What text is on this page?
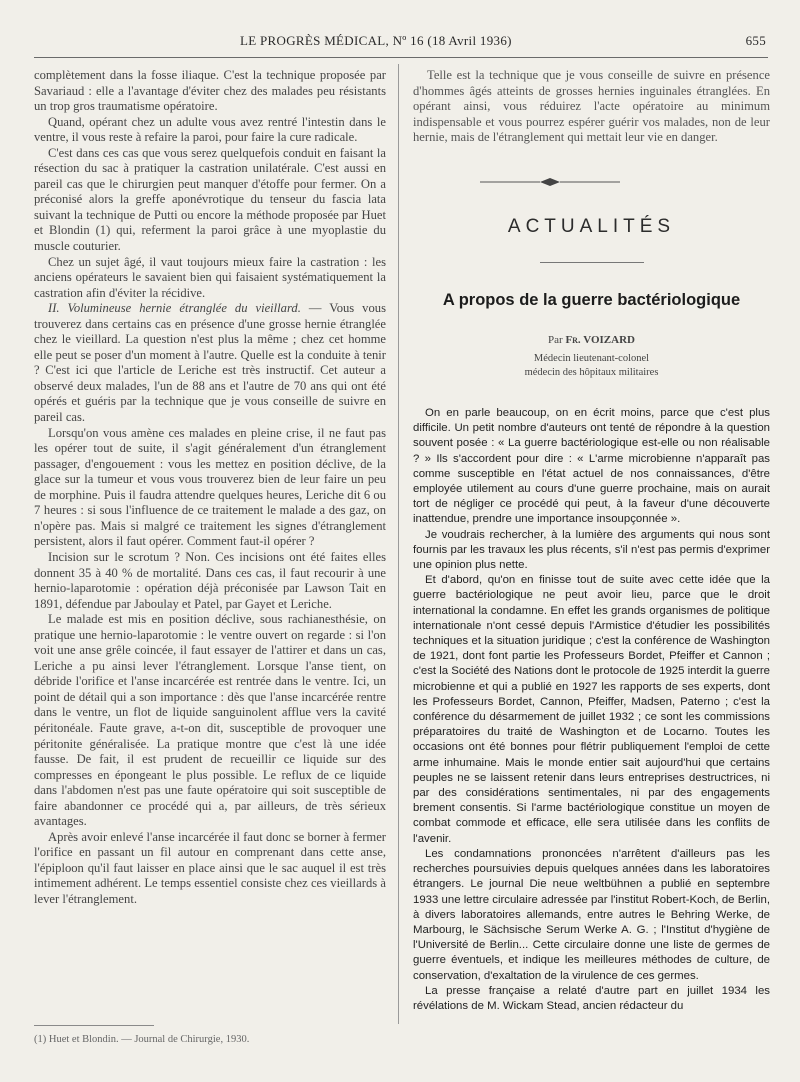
LE PROGRÈS MÉDICAL, Nº 16 (18 Avril 1936)	655

complètement dans la fosse iliaque. C'est la technique proposée par Savariaud : elle a l'avantage d'éviter chez des malades peu résistants un trop gros traumatisme opératoire.

Quand, opérant chez un adulte vous avez rentré l'intestin dans le ventre, il vous reste à refaire la paroi, pour faire la cure radicale.

C'est dans ces cas que vous serez quelquefois conduit en faisant la résection du sac à pratiquer la castration unilatérale. C'est aussi en pareil cas que le chirurgien peut manquer d'étoffe pour fermer. On a préconisé alors la greffe aponévrotique du tenseur du fascia lata suivant la technique de Putti ou encore la méthode proposée par Huet et Blondin (1) qui, referment la paroi grâce à une myoplastie du muscle couturier.

Chez un sujet âgé, il vaut toujours mieux faire la castration : les anciens opérateurs le savaient bien qui faisaient systématiquement la castration afin d'éviter la récidive.

II. Volumineuse hernie étranglée du vieillard. — Vous vous trouverez dans certains cas en présence d'une grosse hernie étranglée chez le vieillard. La question n'est plus la même ; chez cet homme elle peut se poser d'un moment à l'autre. Quelle est la conduite à tenir ? C'est ici que l'article de Leriche est très instructif. Cet auteur a observé deux malades, l'un de 88 ans et l'autre de 70 ans qui ont été opérés et guéris par la technique que je vous conseille de suivre en pareil cas.

Lorsqu'on vous amène ces malades en pleine crise, il ne faut pas les opérer tout de suite, il s'agit généralement d'un étranglement passager, d'engouement : vous les mettez en position déclive, de la glace sur la tumeur et vous vous trouverez bien de leur faire un peu de morphine. Puis il faudra attendre quelques heures, Leriche dit 6 ou 7 heures : si sous l'influence de ce traitement le malade a des gaz, on n'opère pas. Mais si malgré ce traitement les signes d'étranglement persistent, alors il faut opérer. Comment faut-il opérer ?

Incision sur le scrotum ? Non. Ces incisions ont été faites elles donnent 35 à 40 % de mortalité. Dans ces cas, il faut recourir à une hernio-laparotomie : opération déjà préconisée par Lawson Tait en 1891, défendue par Jaboulay et Patel, par Gayet et Leriche.

Le malade est mis en position déclive, sous rachianesthésie, on pratique une hernio-laparotomie : le ventre ouvert on regarde : si l'on voit une anse grêle coincée, il faut essayer de l'attirer et dans un cas, Leriche a pu ainsi lever l'étranglement. Lorsque l'anse tient, on débride l'orifice et l'anse incarcérée est rentrée dans le ventre. Ici, un point de détail qui a son importance : dès que l'anse incarcérée rentre dans le ventre, un flot de liquide sanguinolent afflue vers la cavité péritonéale. Faute grave, a-t-on dit, susceptible de provoquer une péritonite généralisée. La pratique montre que c'est là une idée fausse. De fait, il est prudent de recueillir ce liquide sur des compresses en épongeant le plus possible. Le reflux de ce liquide dans l'abdomen n'est pas une faute opératoire qui soit susceptible de faire abandonner ce procédé qui a, par ailleurs, de très sérieux avantages.

Après avoir enlevé l'anse incarcérée il faut donc se borner à fermer l'orifice en passant un fil autour en comprenant dans cette anse, l'épiploon qu'il faut laisser en place ainsi que le sac auquel il est très intimement adhérent. Le temps essentiel consiste chez ces vieillards à lever l'étranglement.

(1) Huet et Blondin. — Journal de Chirurgie, 1930.

Telle est la technique que je vous conseille de suivre en présence d'hommes âgés atteints de grosses hernies inguinales étranglées. En opérant ainsi, vous réduirez l'acte opératoire au minimum indispensable et vous pourrez espérer guérir vos malades, non de leur hernie, mais de l'étranglement qui mettait leur vie en danger.

ACTUALITÉS
A propos de la guerre bactériologique
Par Fr. VOIZARD
Médecin lieutenant-colonel
médecin des hôpitaux militaires

On en parle beaucoup, on en écrit moins, parce que c'est plus difficile. Un petit nombre d'auteurs ont tenté de répondre à la question souvent posée : « La guerre bactériologique est-elle ou non réalisable ? » Ils s'accordent pour dire : « L'arme microbienne n'apparaît pas comme susceptible en l'état actuel de nos connaissances, d'être employée utilement au cours d'une guerre prochaine, mais on aurait tort de négliger ce procédé qui peut, à la faveur d'une découverte inattendue, prendre une importance insoupçonnée ».

Je voudrais rechercher, à la lumière des arguments qui nous sont fournis par les travaux les plus récents, s'il n'est pas permis d'exprimer une opinion plus nette.

Et d'abord, qu'on en finisse tout de suite avec cette idée que la guerre bactériologique ne peut avoir lieu, parce que le droit international la condamne. En effet les grands organismes de politique internationale n'ont cessé depuis l'Armistice d'étudier les possibilités techniques et la situation juridique ; c'est la conférence de Washington de 1921, dont font partie les Professeurs Bordet, Pfeiffer et Cannon ; c'est la Société des Nations dont le protocole de 1925 interdit la guerre microbienne et qui a publié en 1927 les rapports de ses experts, dont les Professeurs Bordet, Cannon, Pfeiffer, Madsen, Paterno ; c'est la conférence du désarmement de juillet 1932 ; ce sont les commissions préparatoires du traité de Washington et de Locarno. Toutes les occasions ont été bonnes pour flétrir publiquement l'emploi de cette arme inhumaine. Mais le monde entier sait aujourd'hui que certains peuples ne se laissent retenir dans leurs entreprises destructrices, ni par des considérations sentimentales, ni par des engagements brement consentis. Si l'arme bactériologique constitue un moyen de combat commode et efficace, elle sera utilisée dans les conflits de l'avenir.

Les condamnations prononcées n'arrêtent d'ailleurs pas les recherches poursuivies depuis quelques années dans les laboratoires étrangers. Le journal Die neue weltbühnen a publié en septembre 1933 une lettre circulaire adressée par l'institut Robert-Koch, de Berlin, à divers laboratoires allemands, entre autres le Behring Werke, de Marbourg, le Sächsische Serum Werke A. G. ; l'Institut d'hygiène de l'Université de Berlin... Cette circulaire donne une liste de germes de guerre éventuels, et indique les meilleures méthodes de culture, de conservation, d'exaltation de la virulence de ces germes.

La presse française a relaté d'autre part en juillet 1934 les révélations de M. Wickam Stead, ancien rédacteur du
